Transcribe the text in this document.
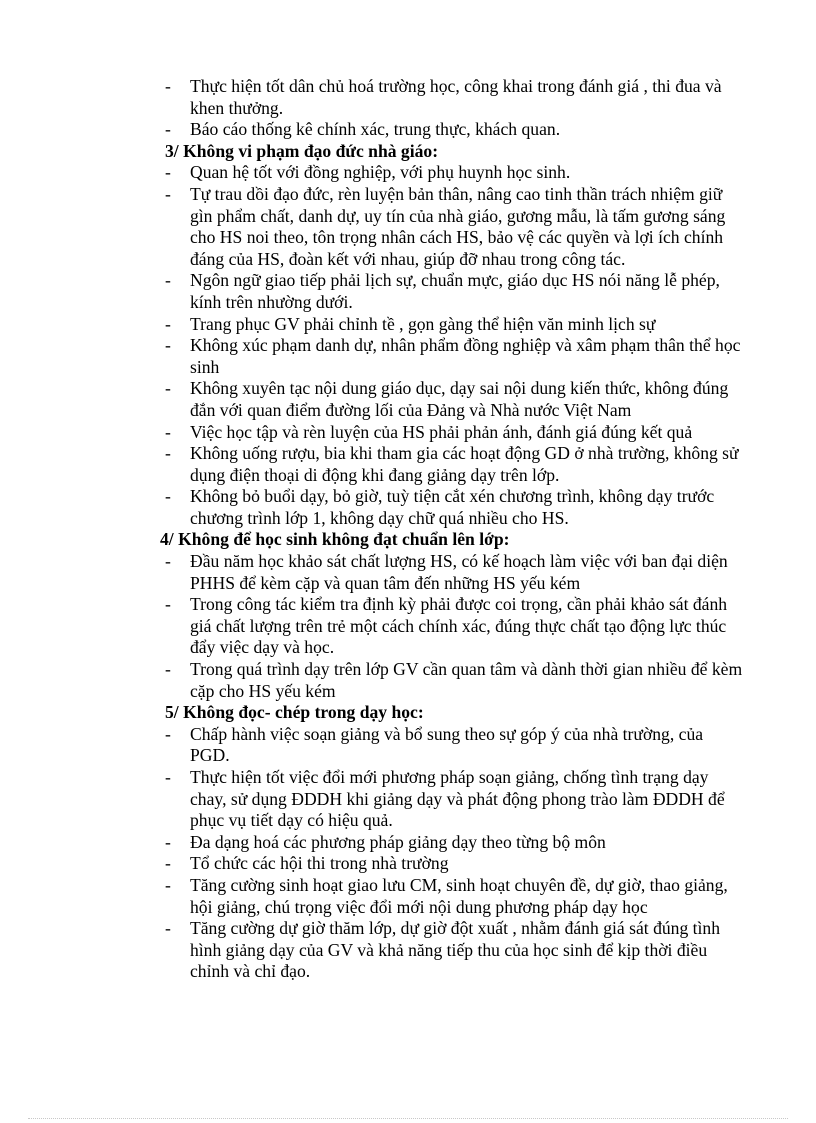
- Thực hiện tốt dân chủ hoá trường học, công khai trong đánh giá , thi đua và khen thưởng.

- Báo cáo thống kê chính xác, trung thực, khách quan.

3/ Không vi phạm đạo đức nhà giáo:

- Quan hệ tốt với đồng nghiệp, với phụ huynh học sinh.

- Tự trau dồi đạo đức, rèn luyện bản thân, nâng cao tinh thần trách nhiệm giữ gìn phẩm chất, danh dự, uy tín của nhà giáo, gương mẫu, là tấm gương sáng cho HS noi theo, tôn trọng nhân cách HS, bảo vệ các quyền và lợi ích chính đáng của HS, đoàn kết với nhau, giúp đỡ nhau trong công tác.

- Ngôn ngữ giao tiếp phải lịch sự, chuẩn mực, giáo dục HS nói năng lễ phép, kính trên nhường dưới.

- Trang phục GV phải chỉnh tề , gọn gàng thể hiện văn minh lịch sự

- Không xúc phạm danh dự, nhân phẩm đồng nghiệp và xâm phạm thân thể học sinh

- Không xuyên tạc nội dung giáo dục, dạy sai nội dung kiến thức, không đúng đắn với quan điểm đường lối của Đảng và Nhà nước Việt Nam

- Việc học tập và rèn luyện của HS phải phản ánh, đánh giá đúng kết quả

- Không uống rượu, bia khi tham gia các hoạt động GD ở nhà trường, không sử dụng điện thoại di động khi đang giảng dạy trên lớp.

- Không bỏ buổi dạy, bỏ giờ, tuỳ tiện cắt xén chương trình, không dạy trước chương trình lớp 1, không dạy chữ quá nhiều cho HS.

4/ Không để học sinh không đạt chuẩn lên lớp:

- Đầu năm học khảo sát chất lượng HS, có kế hoạch làm việc với ban đại diện PHHS để kèm cặp và quan tâm đến những HS yếu kém

- Trong công tác kiểm tra định kỳ phải được coi trọng, cần phải khảo sát đánh giá chất lượng trên trẻ một cách chính xác, đúng thực chất tạo động lực thúc đẩy việc dạy và học.

- Trong quá trình dạy trên lớp GV cần quan tâm và dành thời gian nhiều để kèm cặp cho HS yếu kém

5/ Không đọc- chép trong dạy học:

- Chấp hành việc soạn giảng và bổ sung theo sự góp ý của nhà trường, của PGD.

- Thực hiện tốt việc đổi mới phương pháp soạn giảng, chống tình trạng dạy chay, sử dụng ĐDDH khi giảng dạy và phát động phong trào làm ĐDDH để phục vụ tiết dạy có hiệu quả.

- Đa dạng hoá các phương pháp giảng dạy theo từng bộ môn

- Tổ chức các hội thi trong nhà trường

- Tăng cường sinh hoạt giao lưu CM, sinh hoạt chuyên đề, dự giờ, thao giảng, hội giảng, chú trọng việc đổi mới nội dung phương pháp dạy học

- Tăng cường dự giờ thăm lớp, dự giờ đột xuất , nhằm đánh giá sát đúng tình hình giảng dạy của GV và khả năng tiếp thu của học sinh để kịp thời điều chỉnh và chỉ đạo.
